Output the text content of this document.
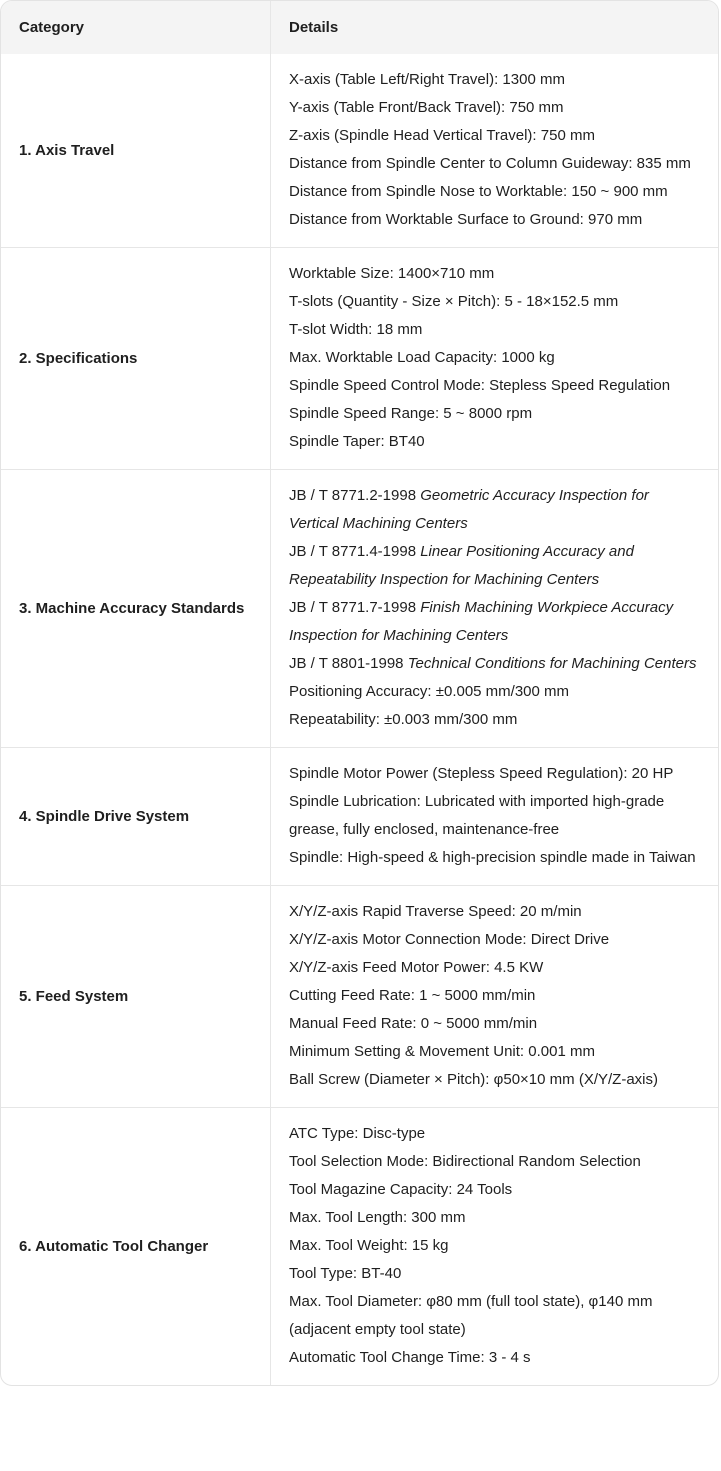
Category	Details
1. Axis Travel
X-axis (Table Left/Right Travel): 1300 mm
Y-axis (Table Front/Back Travel): 750 mm
Z-axis (Spindle Head Vertical Travel): 750 mm
Distance from Spindle Center to Column Guideway: 835 mm
Distance from Spindle Nose to Worktable: 150 ~ 900 mm
Distance from Worktable Surface to Ground: 970 mm
2. Specifications
Worktable Size: 1400×710 mm
T-slots (Quantity - Size × Pitch): 5 - 18×152.5 mm
T-slot Width: 18 mm
Max. Worktable Load Capacity: 1000 kg
Spindle Speed Control Mode: Stepless Speed Regulation
Spindle Speed Range: 5 ~ 8000 rpm
Spindle Taper: BT40
3. Machine Accuracy Standards
JB / T 8771.2-1998 Geometric Accuracy Inspection for Vertical Machining Centers
JB / T 8771.4-1998 Linear Positioning Accuracy and Repeatability Inspection for Machining Centers
JB / T 8771.7-1998 Finish Machining Workpiece Accuracy Inspection for Machining Centers
JB / T 8801-1998 Technical Conditions for Machining Centers
Positioning Accuracy: ±0.005 mm/300 mm
Repeatability: ±0.003 mm/300 mm
4. Spindle Drive System
Spindle Motor Power (Stepless Speed Regulation): 20 HP
Spindle Lubrication: Lubricated with imported high-grade grease, fully enclosed, maintenance-free
Spindle: High-speed & high-precision spindle made in Taiwan
5. Feed System
X/Y/Z-axis Rapid Traverse Speed: 20 m/min
X/Y/Z-axis Motor Connection Mode: Direct Drive
X/Y/Z-axis Feed Motor Power: 4.5 KW
Cutting Feed Rate: 1 ~ 5000 mm/min
Manual Feed Rate: 0 ~ 5000 mm/min
Minimum Setting & Movement Unit: 0.001 mm
Ball Screw (Diameter × Pitch): φ50×10 mm (X/Y/Z-axis)
6. Automatic Tool Changer
ATC Type: Disc-type
Tool Selection Mode: Bidirectional Random Selection
Tool Magazine Capacity: 24 Tools
Max. Tool Length: 300 mm
Max. Tool Weight: 15 kg
Tool Type: BT-40
Max. Tool Diameter: φ80 mm (full tool state), φ140 mm (adjacent empty tool state)
Automatic Tool Change Time: 3 - 4 s
